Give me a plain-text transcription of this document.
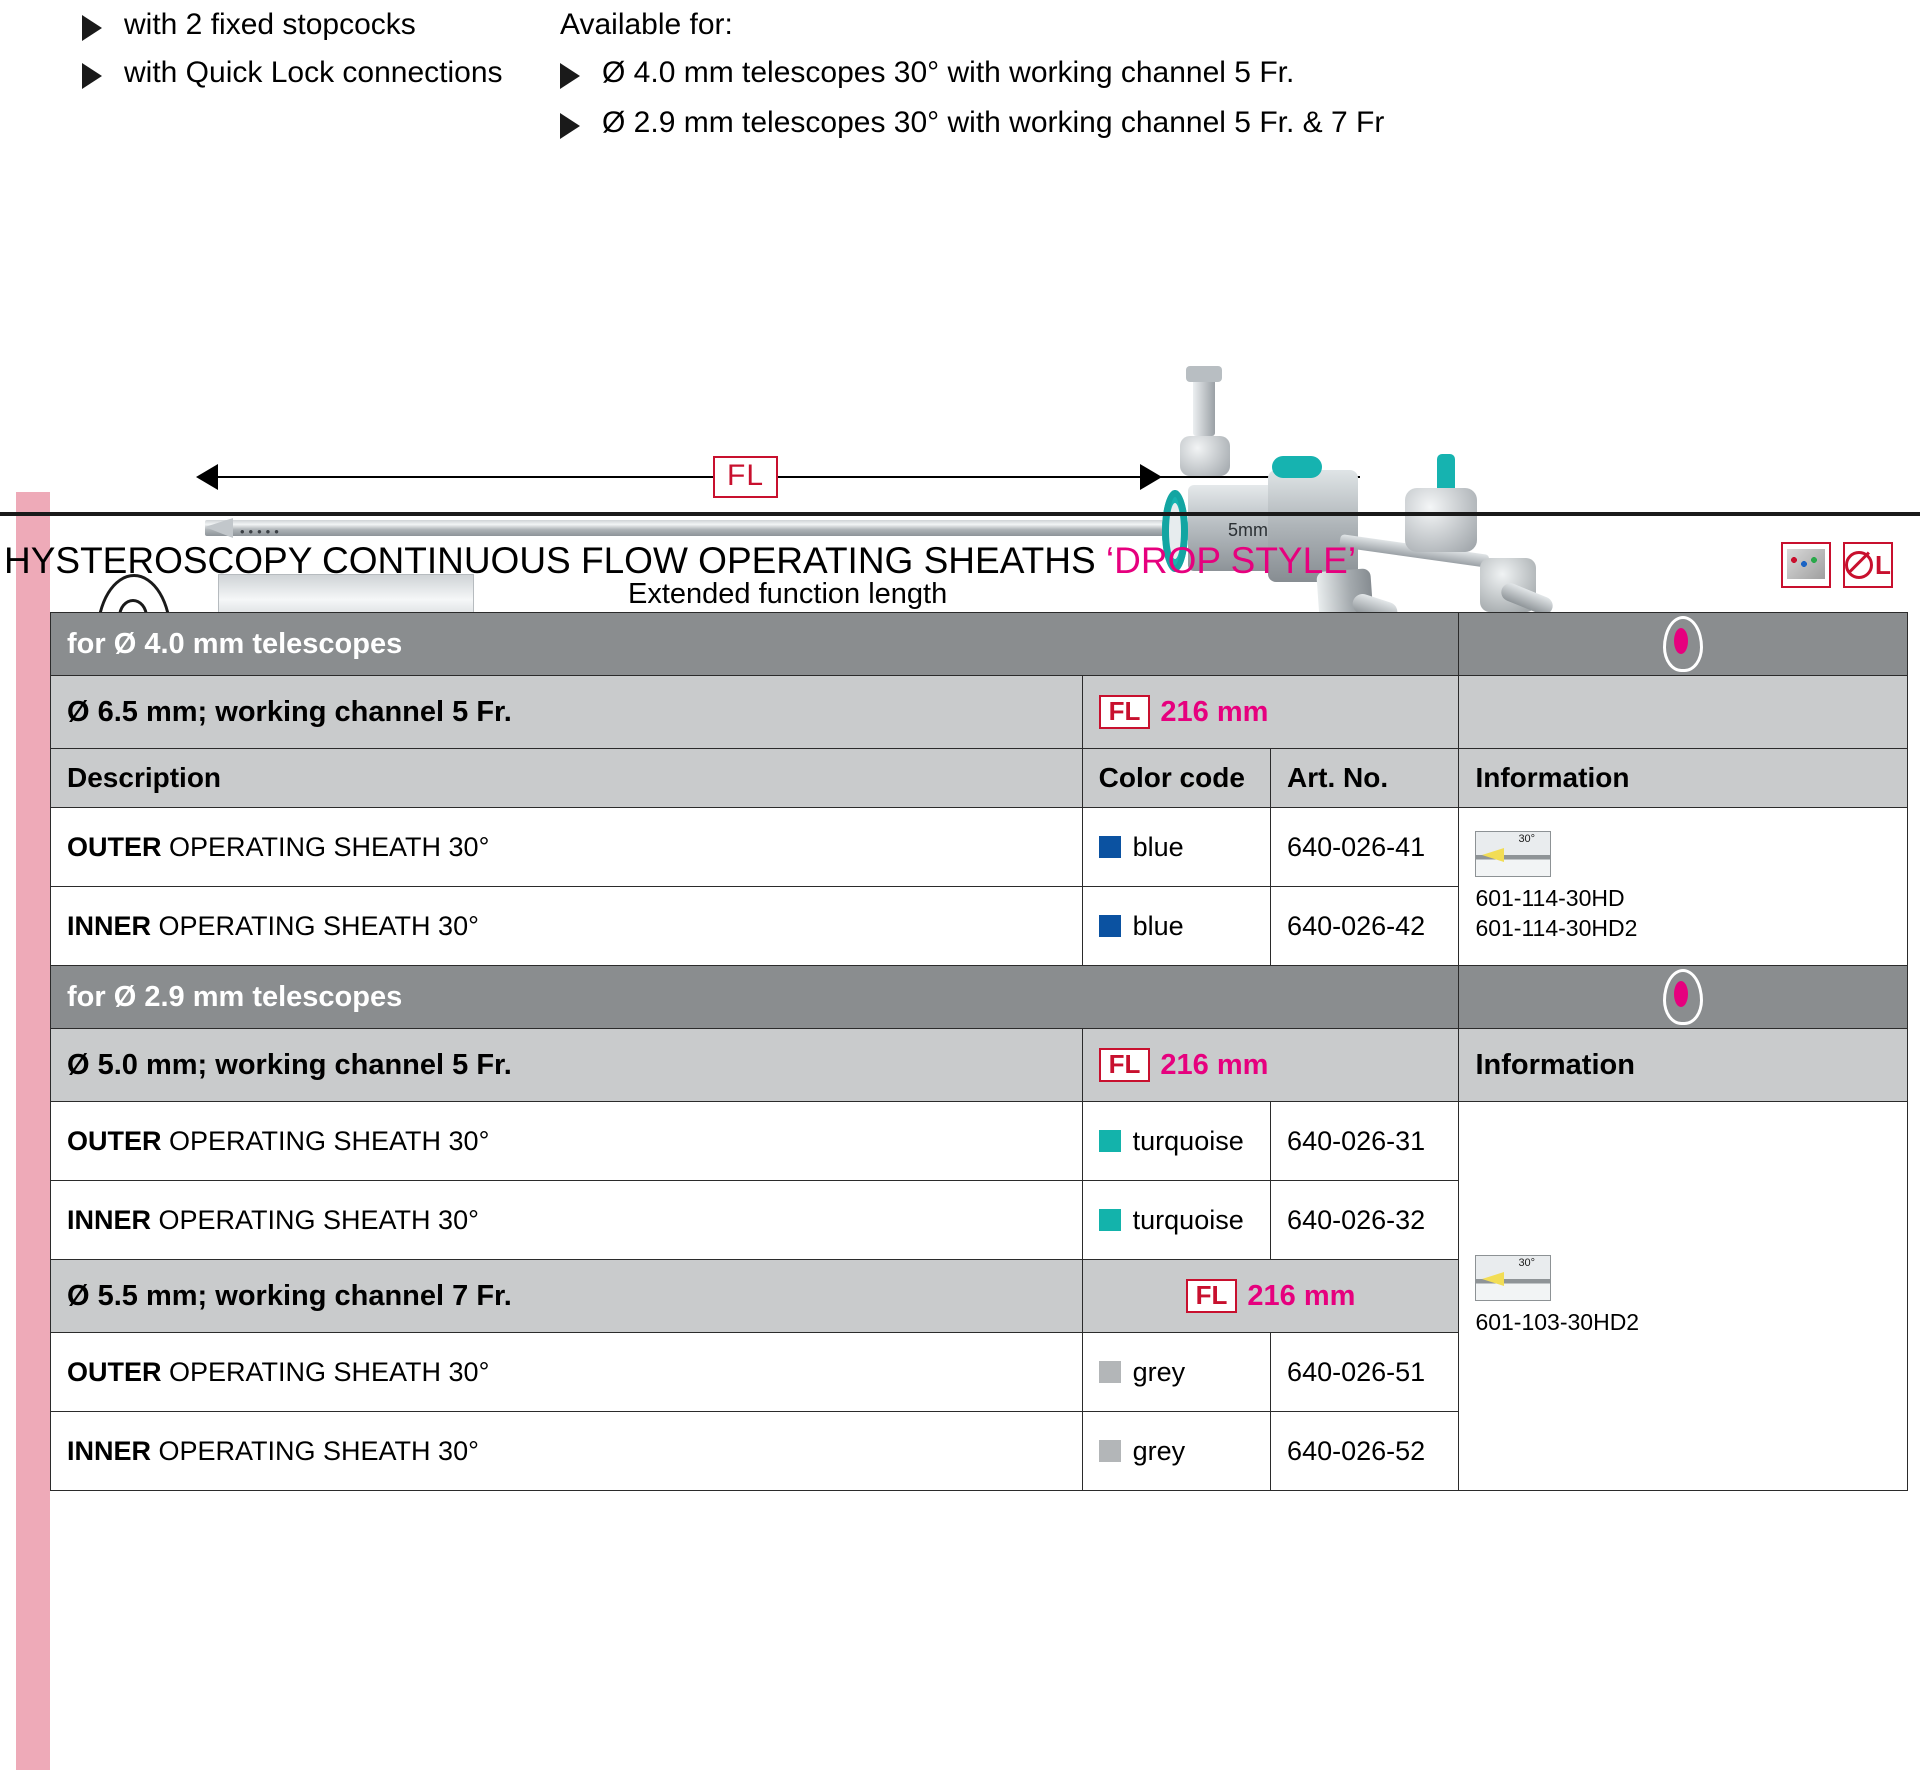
with 2 fixed stopcocks
with Quick Lock connections
Available for:
Ø 4.0 mm telescopes 30° with working channel 5 Fr.
Ø 2.9 mm telescopes 30° with working channel 5 Fr. & 7 Fr
FL
•••••	5mm
Extended function length
HYSTEROSCOPY CONTINUOUS FLOW OPERATING SHEATHS ‘DROP STYLE’	L
for Ø 4.0 mm telescopes			

Ø 6.5 mm; working channel 5 Fr.	FL 216 mm		
Description	Color code	Art. No.	Information
OUTER OPERATING SHEATH 30°	blue	640-026-41	30°
601-114-30HD
601-114-30HD2

INNER OPERATING SHEATH 30°	blue	640-026-42	
for Ø 2.9 mm telescopes			

Ø 5.0 mm; working channel 5 Fr.	FL 216 mm		Information
OUTER OPERATING SHEATH 30°	turquoise	640-026-31	30°
601-103-30HD2

INNER OPERATING SHEATH 30°	turquoise	640-026-32	
Ø 5.5 mm; working channel 7 Fr.	FL 216 mm		
OUTER OPERATING SHEATH 30°	grey	640-026-51	
INNER OPERATING SHEATH 30°	grey	640-026-52	
